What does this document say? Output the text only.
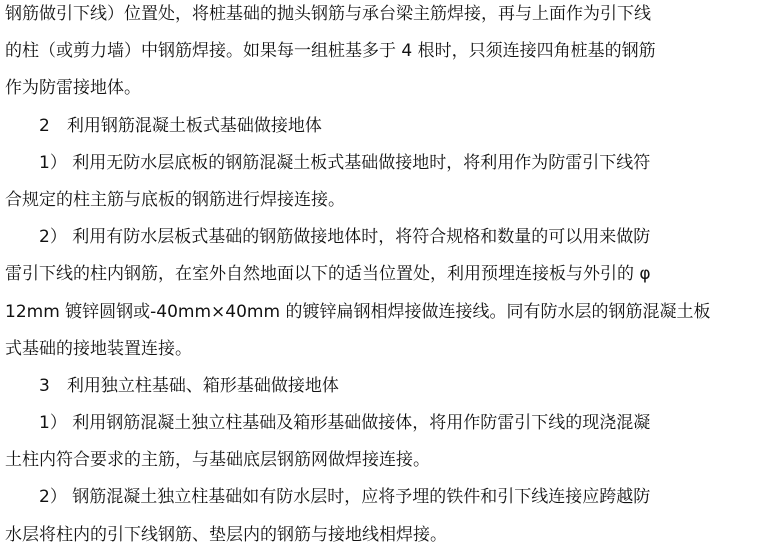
钢筋做引下线）位置处，将桩基础的抛头钢筋与承台梁主筋焊接，再与上面作为引下线
的柱（或剪力墙）中钢筋焊接。如果每一组桩基多于 4 根时，只须连接四角桩基的钢筋
作为防雷接地体。
2　利用钢筋混凝土板式基础做接地体
1） 利用无防水层底板的钢筋混凝土板式基础做接地时，将利用作为防雷引下线符
合规定的柱主筋与底板的钢筋进行焊接连接。
2） 利用有防水层板式基础的钢筋做接地体时，将符合规格和数量的可以用来做防
雷引下线的柱内钢筋，在室外自然地面以下的适当位置处，利用预埋连接板与外引的 φ
12mm 镀锌圆钢或-40mm×40mm 的镀锌扁钢相焊接做连接线。同有防水层的钢筋混凝土板
式基础的接地装置连接。
3　利用独立柱基础、箱形基础做接地体
1） 利用钢筋混凝土独立柱基础及箱形基础做接体，将用作防雷引下线的现浇混凝
土柱内符合要求的主筋，与基础底层钢筋网做焊接连接。
2） 钢筋混凝土独立柱基础如有防水层时，应将予埋的铁件和引下线连接应跨越防
水层将柱内的引下线钢筋、垫层内的钢筋与接地线相焊接。
